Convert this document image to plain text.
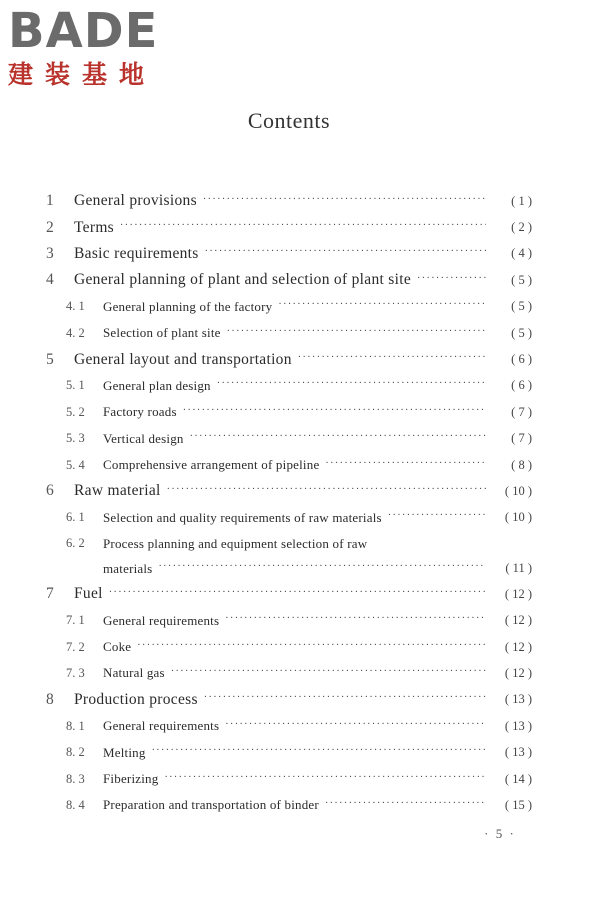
BADE
建装基地
Contents
1	General provisions ·····	( 1 )
2	Terms ·····	( 2 )
3	Basic requirements ·····	( 4 )
4	General planning of plant and selection of plant site ·····	( 5 )
4. 1	General planning of the factory ·····	( 5 )
4. 2	Selection of plant site ·····	( 5 )
5	General layout and transportation ·····	( 6 )
5. 1	General plan design ·····	( 6 )
5. 2	Factory roads ·····	( 7 )
5. 3	Vertical design ·····	( 7 )
5. 4	Comprehensive arrangement of pipeline ·····	( 8 )
6	Raw material ·····	( 10 )
6. 1	Selection and quality requirements of raw materials ·····	( 10 )
6. 2	Process planning and equipment selection of raw
materials ·····	( 11 )
7	Fuel ·····	( 12 )
7. 1	General requirements ·····	( 12 )
7. 2	Coke ·····	( 12 )
7. 3	Natural gas ·····	( 12 )
8	Production process ·····	( 13 )
8. 1	General requirements ·····	( 13 )
8. 2	Melting ·····	( 13 )
8. 3	Fiberizing ·····	( 14 )
8. 4	Preparation and transportation of binder ·····	( 15 )
· 5 ·
